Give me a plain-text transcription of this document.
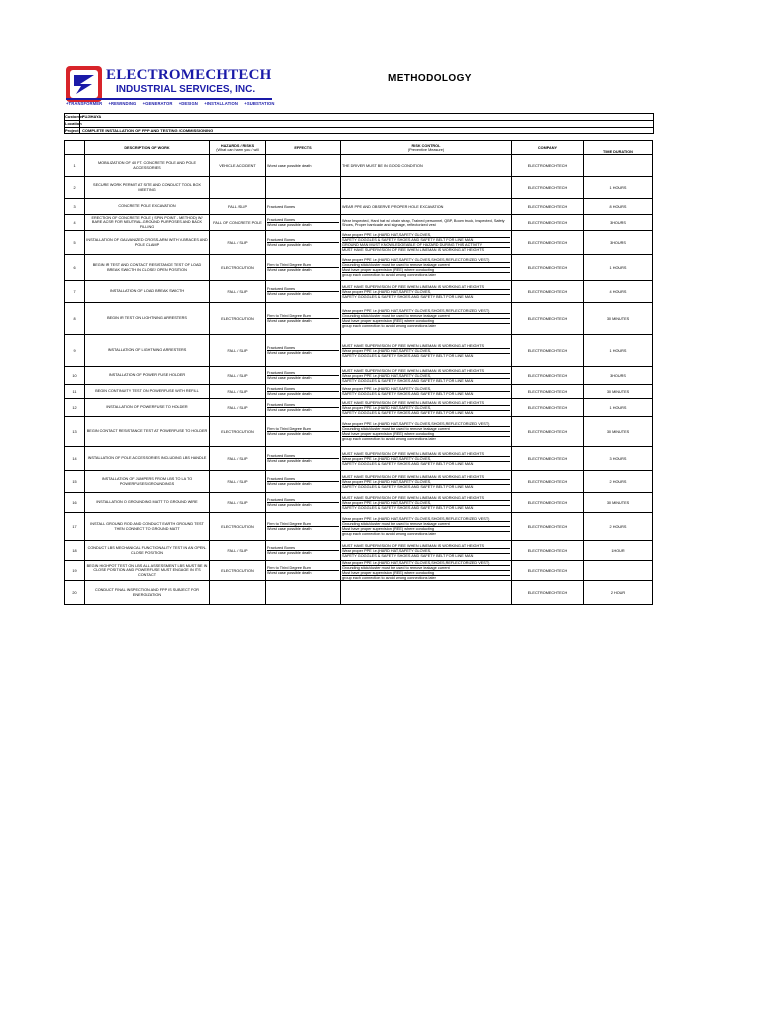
ELECTROMECHTECH
INDUSTRIAL SERVICES, INC.
+TRANSFORMER +REWINDING +GENERATOR +DESIGN +INSTALLATION +SUBSTATION
METHODOLOGY
Customer
FUJIHAYA
Location
Project COMPLETE INSTALLATION OF FPP AND TESTING /COMMISSIONING
	DESCRIPTION OF WORK	HAZARDS / RISKS
(What can harm you / will	EFFECTS	RISK CONTROL
(Preventive Measure)	COMPANY	TIME DURATION
1	MOBILIZATION OF 40 FT. CONCRETE POLE AND POLE ACCESSORIES	VEHICLE ACCIDENT	Worst case possible death	THE DRIVER MUST BE IN GOOD CONDITION	ELECTROMECHTECH	
2	SECURE WORK PERMIT AT SITE AND CONDUCT TOOL BOX MEETING				ELECTROMECHTECH	1 HOURS
3	CONCRETE POLE EXCAVATION	FALL /SLIP	Fractured Bones	WEAR PPE AND OBSERVE PROPER HOLE EXCAVATION	ELECTROMECHTECH	8 HOURS
4	ERECTION OF CONCRETE POLE ( SPIN POINT - METHOD) W/ BARE ACSR FOR NEUTRAL-GROUND PURPOSES AND BACK FILLING	FALL OF CONCRETE POLE	Fractured Bones
Worst case possible death	Wear Inspected, Hard hat w/ chain strap, Trained personnel, QBP, Boom truck, Inspected, Safety Shoes, Proper barricade and signage, reflectorized vest	ELECTROMECHTECH	3HOURS
5	INSTALLATION OF GALVANIZED CROSS-ARM WITH V-BRACES AND POLE CLAMP	FALL / SLIP	Fractured Bones
Worst case possible death	Wear proper PPE i.e.(HARD HAT,SAFETY GLOVES,
SAFETY GOGGLES & SAFETY SHOES AND SAFETY BELT FOR LINE MAN
GROUND MAN MUST KNOWLEDGEABLE OF HAZARD DURING THIS ACTIVITY
MUST HAVE SUPERVISION OF REE WHEN LINEMAN IS WORKING AT HEIGHTS	ELECTROMECHTECH	3HOURS
6	BEGIN IR TEST AND CONTACT RESISTANCE TEST OF LOAD BREAK SWICTH IN CLOSE/ OPEN POSITION	ELECTROCUTION	Firm to Third Degree Burn
Worst case possible death	Wear proper PPE i.e.(HARD HAT,SAFETY GLOVES,SHOES,REFLECTORIZED VEST)
Grounding stick/cluster must be used to remove leakage current
Must have proper supervision (REE) where conducting
group each connection to avoid wrong connections later	ELECTROMECHTECH	1 HOURS
7	INSTALLATION OF LOAD BREAK SWICTH	FALL / SLIP	Fractured Bones
Worst case possible death	MUST HAVE SUPERVISION OF REE WHEN LINEMAN IS WORKING AT HEIGHTS
Wear proper PPE i.e.(HARD HAT,SAFETY GLOVES,
SAFETY GOGGLES & SAFETY SHOES AND SAFETY BELT FOR LINE MAN	ELECTROMECHTECH	4 HOURS
8	BEGIN IR TEST ON LIGHTNING ARRESTERS	ELECTROCUTION	Firm to Third Degree Burn
Worst case possible death	Wear proper PPE i.e.(HARD HAT,SAFETY GLOVES,SHOES,REFLECTORIZED VEST)
Grounding stick/cluster must be used to remove leakage current
Must have proper supervision (REE) where conducting
group each connection to avoid wrong connections later	ELECTROMECHTECH	30 MINUTES
9	INSTALLATION OF LIGHTNING ARRESTERS	FALL / SLIP	Fractured Bones
Worst case possible death	MUST HAVE SUPERVISION OF REE WHEN LINEMAN IS WORKING AT HEIGHTS
Wear proper PPE i.e.(HARD HAT,SAFETY GLOVES,
SAFETY GOGGLES & SAFETY SHOES AND SAFETY BELT FOR LINE MAN	ELECTROMECHTECH	1 HOURS
10	INSTALLATION OF POWER FUSE HOLDER	FALL / SLIP	Fractured Bones
Worst case possible death	MUST HAVE SUPERVISION OF REE WHEN LINEMAN IS WORKING AT HEIGHTS
Wear proper PPE i.e.(HARD HAT,SAFETY GLOVES,
SAFETY GOGGLES & SAFETY SHOES AND SAFETY BELT FOR LINE MAN	ELECTROMECHTECH	3HOURS
11	BEGIN CONTINUITY TEST ON POWERFUSE WITH REFILL	FALL / SLIP	Fractured Bones
Worst case possible death	Wear proper PPE i.e.(HARD HAT,SAFETY GLOVES,
SAFETY GOGGLES & SAFETY SHOES AND SAFETY BELT FOR LINE MAN	ELECTROMECHTECH	30 MINUTES
12	INSTALLATION OF POWERFUSE TO HOLDER	FALL / SLIP	Fractured Bones
Worst case possible death	MUST HAVE SUPERVISION OF REE WHEN LINEMAN IS WORKING AT HEIGHTS
Wear proper PPE i.e.(HARD HAT,SAFETY GLOVES,
SAFETY GOGGLES & SAFETY SHOES AND SAFETY BELT FOR LINE MAN	ELECTROMECHTECH	1 HOURS
13	BEGIN CONTACT RESISTANCE TEST AT POWERFUSE TO HOLDER	ELECTROCUTION	Firm to Third Degree Burn
Worst case possible death	Wear proper PPE i.e.(HARD HAT,SAFETY GLOVES,SHOES,REFLECTORIZED VEST)
Grounding stick/cluster must be used to remove leakage current
Must have proper supervision (REE) where conducting
group each connection to avoid wrong connections later	ELECTROMECHTECH	30 MINUTES
14	INSTALLATION OF POLE ACCESSORIES INCLUDING LBS HANDLE	FALL / SLIP	Fractured Bones
Worst case possible death	MUST HAVE SUPERVISION OF REE WHEN LINEMAN IS WORKING AT HEIGHTS
Wear proper PPE i.e.(HARD HAT,SAFETY GLOVES,
SAFETY GOGGLES & SAFETY SHOES AND SAFETY BELT FOR LINE MAN	ELECTROMECHTECH	3 HOURS
15	INSTALLATION OF JUMPERS FROM LBS TO LA TO POWERFUSES/GROUNDINGS	FALL / SLIP	Fractured Bones
Worst case possible death	MUST HAVE SUPERVISION OF REE WHEN LINEMAN IS WORKING AT HEIGHTS
Wear proper PPE i.e.(HARD HAT,SAFETY GLOVES,
SAFETY GOGGLES & SAFETY SHOES AND SAFETY BELT FOR LINE MAN	ELECTROMECHTECH	2 HOURS
16	INSTALLATION O GROUNDING MATT TO GROUND WIRE	FALL / SLIP	Fractured Bones
Worst case possible death	MUST HAVE SUPERVISION OF REE WHEN LINEMAN IS WORKING AT HEIGHTS
Wear proper PPE i.e.(HARD HAT,SAFETY GLOVES,
SAFETY GOGGLES & SAFETY SHOES AND SAFETY BELT FOR LINE MAN	ELECTROMECHTECH	30 MINUTES
17	INSTALL GROUND ROD AND CONDUCT EARTH GROUND TEST THEN CONNECT TO GROUND MATT	ELECTROCUTION	Firm to Third Degree Burn
Worst case possible death	Wear proper PPE i.e.(HARD HAT,SAFETY GLOVES,SHOES,REFLECTORIZED VEST)
Grounding stick/cluster must be used to remove leakage current
Must have proper supervision (REE) where conducting
group each connection to avoid wrong connections later	ELECTROMECHTECH	2 HOURS
18	CONDUCT LBS MECHANICAL FUNCTIONALITY TEST IN AN OPEN-CLOSE POSITION	FALL / SLIP	Fractured Bones
Worst case possible death	MUST HAVE SUPERVISION OF REE WHEN LINEMAN IS WORKING AT HEIGHTS
Wear proper PPE i.e.(HARD HAT,SAFETY GLOVES,
SAFETY GOGGLES & SAFETY SHOES AND SAFETY BELT FOR LINE MAN	ELECTROMECHTECH	1HOUR
19	BEGIN HIGHPOT TEST ON LBS ALL ASSESSMENT LBS MUST BE IN CLOSE POSITION AND POWERFUSE MUST ENGAGE IN ITS CONTACT	ELECTROCUTION	Firm to Third Degree Burn
Worst case possible death	Wear proper PPE i.e.(HARD HAT,SAFETY GLOVES,SHOES,REFLECTORIZED VEST)
Grounding stick/cluster must be used to remove leakage current
Must have proper supervision (REE) where conducting
group each connection to avoid wrong connections later	ELECTROMECHTECH	
20	CONDUCT FINAL INSPECTION AND FPP IS SUBJECT FOR ENERGIZATION				ELECTROMECHTECH	2 HOUR
